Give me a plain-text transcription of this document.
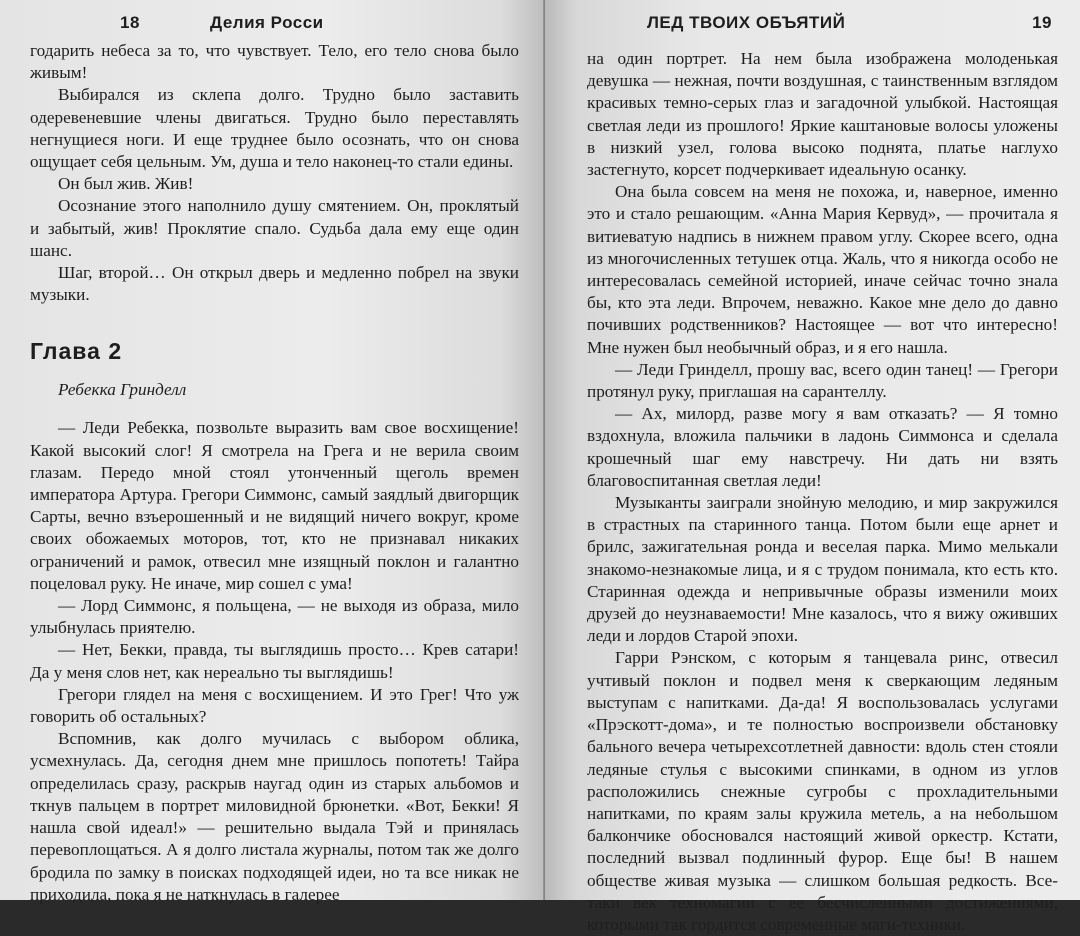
18	Делия Росси

годарить небеса за то, что чувствует. Тело, его тело снова было живым!

Выбирался из склепа долго. Трудно было заставить одеревеневшие члены двигаться. Трудно было переставлять негнущиеся ноги. И еще труднее было осознать, что он снова ощущает себя цельным. Ум, душа и тело наконец-то стали едины.

Он был жив. Жив!

Осознание этого наполнило душу смятением. Он, проклятый и забытый, жив! Проклятие спало. Судьба дала ему еще один шанс.

Шаг, второй… Он открыл дверь и медленно побрел на звуки музыки.

Глава 2
Ребекка Гринделл

— Леди Ребекка, позвольте выразить вам свое восхищение! Какой высокий слог! Я смотрела на Грега и не верила своим глазам. Передо мной стоял утонченный щеголь времен императора Артура. Грегори Симмонс, самый заядлый двигорщик Сарты, вечно взъерошенный и не видящий ничего вокруг, кроме своих обожаемых моторов, тот, кто не признавал никаких ограничений и рамок, отвесил мне изящный поклон и галантно поцеловал руку. Не иначе, мир сошел с ума!

— Лорд Симмонс, я польщена, — не выходя из образа, мило улыбнулась приятелю.

— Нет, Бекки, правда, ты выглядишь просто… Крев сатари! Да у меня слов нет, как нереально ты выглядишь!

Грегори глядел на меня с восхищением. И это Грег! Что уж говорить об остальных?

Вспомнив, как долго мучилась с выбором облика, усмехнулась. Да, сегодня днем мне пришлось попотеть! Тайра определилась сразу, раскрыв наугад один из старых альбомов и ткнув пальцем в портрет миловидной брюнетки. «Вот, Бекки! Я нашла свой идеал!» — решительно выдала Тэй и принялась перевоплощаться. А я долго листала журналы, потом так же долго бродила по замку в поисках подходящей идеи, но та все никак не приходила, пока я не наткнулась в галерее

ЛЕД ТВОИХ ОБЪЯТИЙ	19

на один портрет. На нем была изображена молоденькая девушка — нежная, почти воздушная, с таинственным взглядом красивых темно-серых глаз и загадочной улыбкой. Настоящая светлая леди из прошлого! Яркие каштановые волосы уложены в низкий узел, голова высоко поднята, платье наглухо застегнуто, корсет подчеркивает идеальную осанку.

Она была совсем на меня не похожа, и, наверное, именно это и стало решающим. «Анна Мария Кервуд», — прочитала я витиеватую надпись в нижнем правом углу. Скорее всего, одна из многочисленных тетушек отца. Жаль, что я никогда особо не интересовалась семейной историей, иначе сейчас точно знала бы, кто эта леди. Впрочем, неважно. Какое мне дело до давно почивших родственников? Настоящее — вот что интересно! Мне нужен был необычный образ, и я его нашла.

— Леди Гринделл, прошу вас, всего один танец! — Грегори протянул руку, приглашая на сарантеллу.

— Ах, милорд, разве могу я вам отказать? — Я томно вздохнула, вложила пальчики в ладонь Симмонса и сделала крошечный шаг ему навстречу. Ни дать ни взять благовоспитанная светлая леди!

Музыканты заиграли знойную мелодию, и мир закружился в страстных па старинного танца. Потом были еще арнет и брилс, зажигательная ронда и веселая парка. Мимо мелькали знакомо-незнакомые лица, и я с трудом понимала, кто есть кто. Старинная одежда и непривычные образы изменили моих друзей до неузнаваемости! Мне казалось, что я вижу оживших леди и лордов Старой эпохи.

Гарри Рэнском, с которым я танцевала ринс, отвесил учтивый поклон и подвел меня к сверкающим ледяным выступам с напитками. Да-да! Я воспользовалась услугами «Прэскотт-дома», и те полностью воспроизвели обстановку бального вечера четырехсотлетней давности: вдоль стен стояли ледяные стулья с высокими спинками, в одном из углов расположились снежные сугробы с прохладительными напитками, по краям залы кружила метель, а на небольшом балкончике обосновался настоящий живой оркестр. Кстати, последний вызвал подлинный фурор. Еще бы! В нашем обществе живая музыка — слишком большая редкость. Все-таки век техномагии с ее бесчисленными достижениями, которыми так гордится современные маги-техники.
